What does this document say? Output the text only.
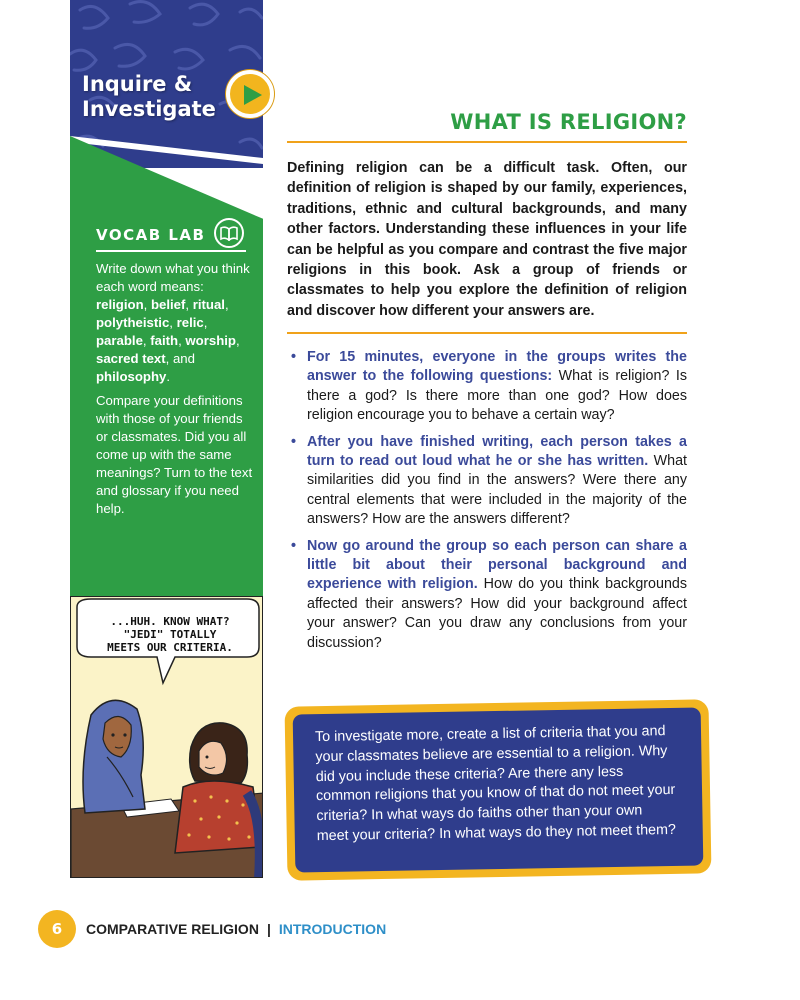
Inquire &
Investigate
VOCAB LAB

Write down what you think each word means: religion, belief, ritual, polytheistic, relic, parable, faith, worship, sacred text, and philosophy.

Compare your definitions with those of your friends or classmates. Did you all come up with the same meanings? Turn to the text and glossary if you need help.

...HUH. KNOW WHAT?
"JEDI" TOTALLY
MEETS OUR CRITERIA.
WHAT IS RELIGION?

Defining religion can be a difficult task. Often, our definition of religion is shaped by our family, experiences, traditions, ethnic and cultural backgrounds, and many other factors. Understanding these influences in your life can be helpful as you compare and contrast the five major religions in this book. Ask a group of friends or classmates to help you explore the definition of religion and discover how different your answers are.

• For 15 minutes, everyone in the groups writes the answer to the following questions: What is religion? Is there a god? Is there more than one god? How does religion encourage you to behave a certain way?
• After you have finished writing, each person takes a turn to read out loud what he or she has written. What similarities did you find in the answers? Were there any central elements that were included in the majority of the answers? How are the answers different?
• Now go around the group so each person can share a little bit about their personal background and experience with religion. How do you think backgrounds affected their answers? How did your background affect your answer? Can you draw any conclusions from your discussion?

To investigate more, create a list of criteria that you and your classmates believe are essential to a religion. Why did you include these criteria? Are there any less common religions that you know of that do not meet your criteria? In what ways do faiths other than your own meet your criteria? In what ways do they not meet them?

6	COMPARATIVE RELIGION | INTRODUCTION
